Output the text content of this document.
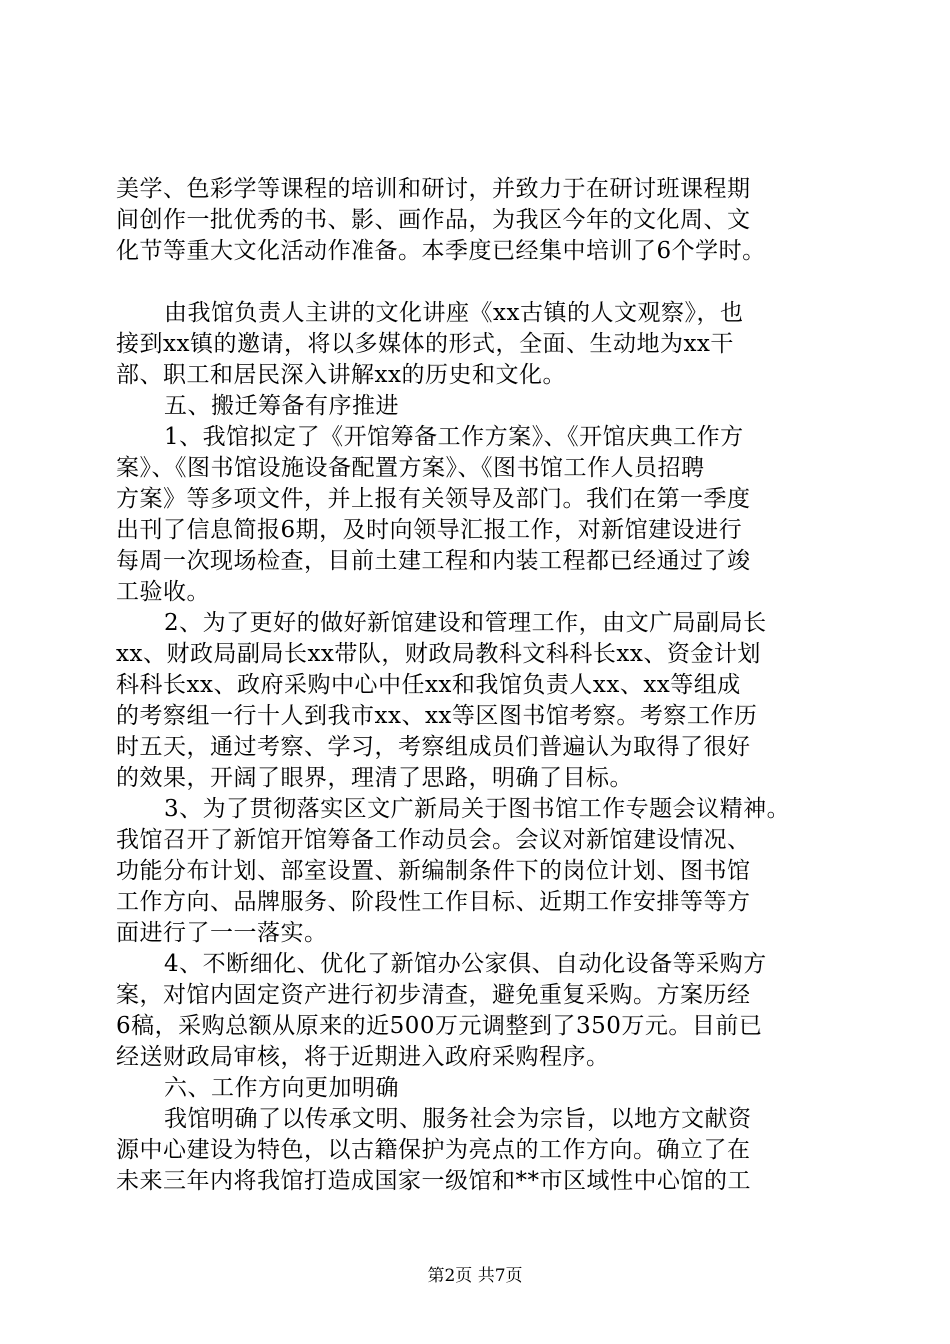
美学、色彩学等课程的培训和研讨，并致力于在研讨班课程期
间创作一批优秀的书、影、画作品，为我区今年的文化周、文
化节等重大文化活动作准备。本季度已经集中培训了6个学时。
由我馆负责人主讲的文化讲座《xx古镇的人文观察》，也
接到xx镇的邀请，将以多媒体的形式，全面、生动地为xx干
部、职工和居民深入讲解xx的历史和文化。
五、搬迁筹备有序推进
1、我馆拟定了《开馆筹备工作方案》、《开馆庆典工作方
案》、《图书馆设施设备配置方案》、《图书馆工作人员招聘
方案》等多项文件，并上报有关领导及部门。我们在第一季度
出刊了信息简报6期，及时向领导汇报工作，对新馆建设进行
每周一次现场检查，目前土建工程和内装工程都已经通过了竣
工验收。
2、为了更好的做好新馆建设和管理工作，由文广局副局长
xx、财政局副局长xx带队，财政局教科文科科长xx、资金计划
科科长xx、政府采购中心中任xx和我馆负责人xx、xx等组成
的考察组一行十人到我市xx、xx等区图书馆考察。考察工作历
时五天，通过考察、学习，考察组成员们普遍认为取得了很好
的效果，开阔了眼界，理清了思路，明确了目标。
3、为了贯彻落实区文广新局关于图书馆工作专题会议精神。
我馆召开了新馆开馆筹备工作动员会。会议对新馆建设情况、
功能分布计划、部室设置、新编制条件下的岗位计划、图书馆
工作方向、品牌服务、阶段性工作目标、近期工作安排等等方
面进行了一一落实。
4、不断细化、优化了新馆办公家俱、自动化设备等采购方
案，对馆内固定资产进行初步清查，避免重复采购。方案历经
6稿，采购总额从原来的近500万元调整到了350万元。目前已
经送财政局审核，将于近期进入政府采购程序。
六、工作方向更加明确
我馆明确了以传承文明、服务社会为宗旨，以地方文献资
源中心建设为特色，以古籍保护为亮点的工作方向。确立了在
未来三年内将我馆打造成国家一级馆和**市区域性中心馆的工
第2页 共7页
